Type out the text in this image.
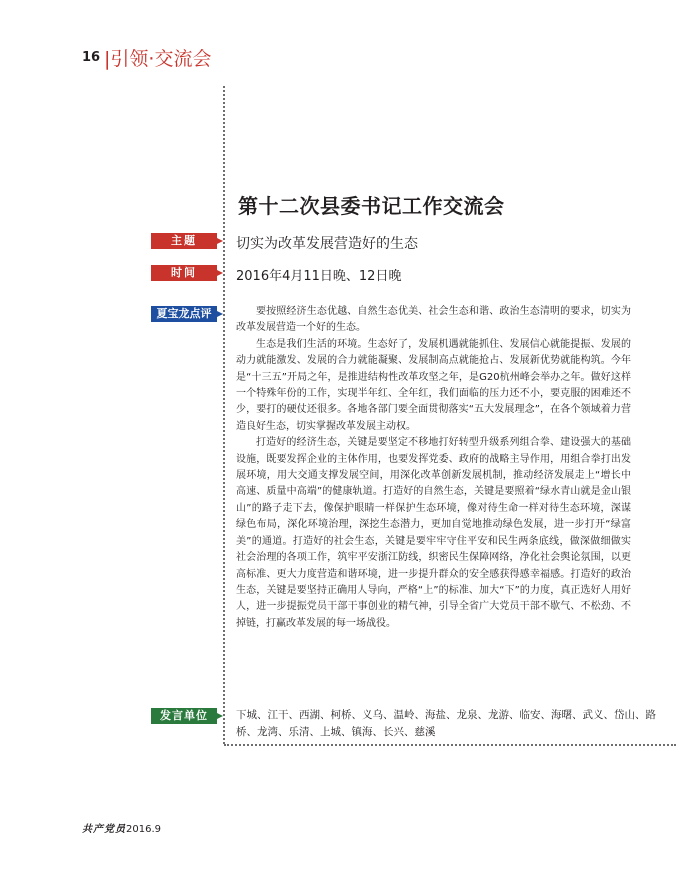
16 |引领·交流会
第十二次县委书记工作交流会
主题	切实为改革发展营造好的生态
时间	2016年4月11日晚、12日晚
夏宝龙点评	要按照经济生态优越、自然生态优美、社会生态和谐、政治生态清明的要求，切实为改革发展营造一个好的生态。

生态是我们生活的环境。生态好了，发展机遇就能抓住、发展信心就能提振、发展的动力就能激发、发展的合力就能凝聚、发展制高点就能抢占、发展新优势就能构筑。今年是“十三五”开局之年，是推进结构性改革攻坚之年，是G20杭州峰会举办之年。做好这样一个特殊年份的工作，实现半年红、全年红，我们面临的压力还不小，要克服的困难还不少，要打的硬仗还很多。各地各部门要全面贯彻落实“五大发展理念”，在各个领域着力营造良好生态，切实掌握改革发展主动权。

打造好的经济生态，关键是要坚定不移地打好转型升级系列组合拳、建设强大的基础设施，既要发挥企业的主体作用，也要发挥党委、政府的战略主导作用，用组合拳打出发展环境，用大交通支撑发展空间，用深化改革创新发展机制，推动经济发展走上“增长中高速、质量中高端”的健康轨道。打造好的自然生态，关键是要照着“绿水青山就是金山银山”的路子走下去，像保护眼睛一样保护生态环境，像对待生命一样对待生态环境，深谋绿色布局，深化环境治理，深挖生态潜力，更加自觉地推动绿色发展，进一步打开“绿富美”的通道。打造好的社会生态，关键是要牢牢守住平安和民生两条底线，做深做细做实社会治理的各项工作，筑牢平安浙江防线，织密民生保障网络，净化社会舆论氛围，以更高标准、更大力度营造和谐环境，进一步提升群众的安全感获得感幸福感。打造好的政治生态，关键是要坚持正确用人导向，严格“上”的标准、加大“下”的力度，真正选好人用好人，进一步提振党员干部干事创业的精气神，引导全省广大党员干部不歇气、不松劲、不掉链，打赢改革发展的每一场战役。

发言单位	下城、江干、西湖、柯桥、义乌、温岭、海盐、龙泉、龙游、临安、海曙、武义、岱山、路桥、龙湾、乐清、上城、镇海、长兴、慈溪
共产党员2016.9
